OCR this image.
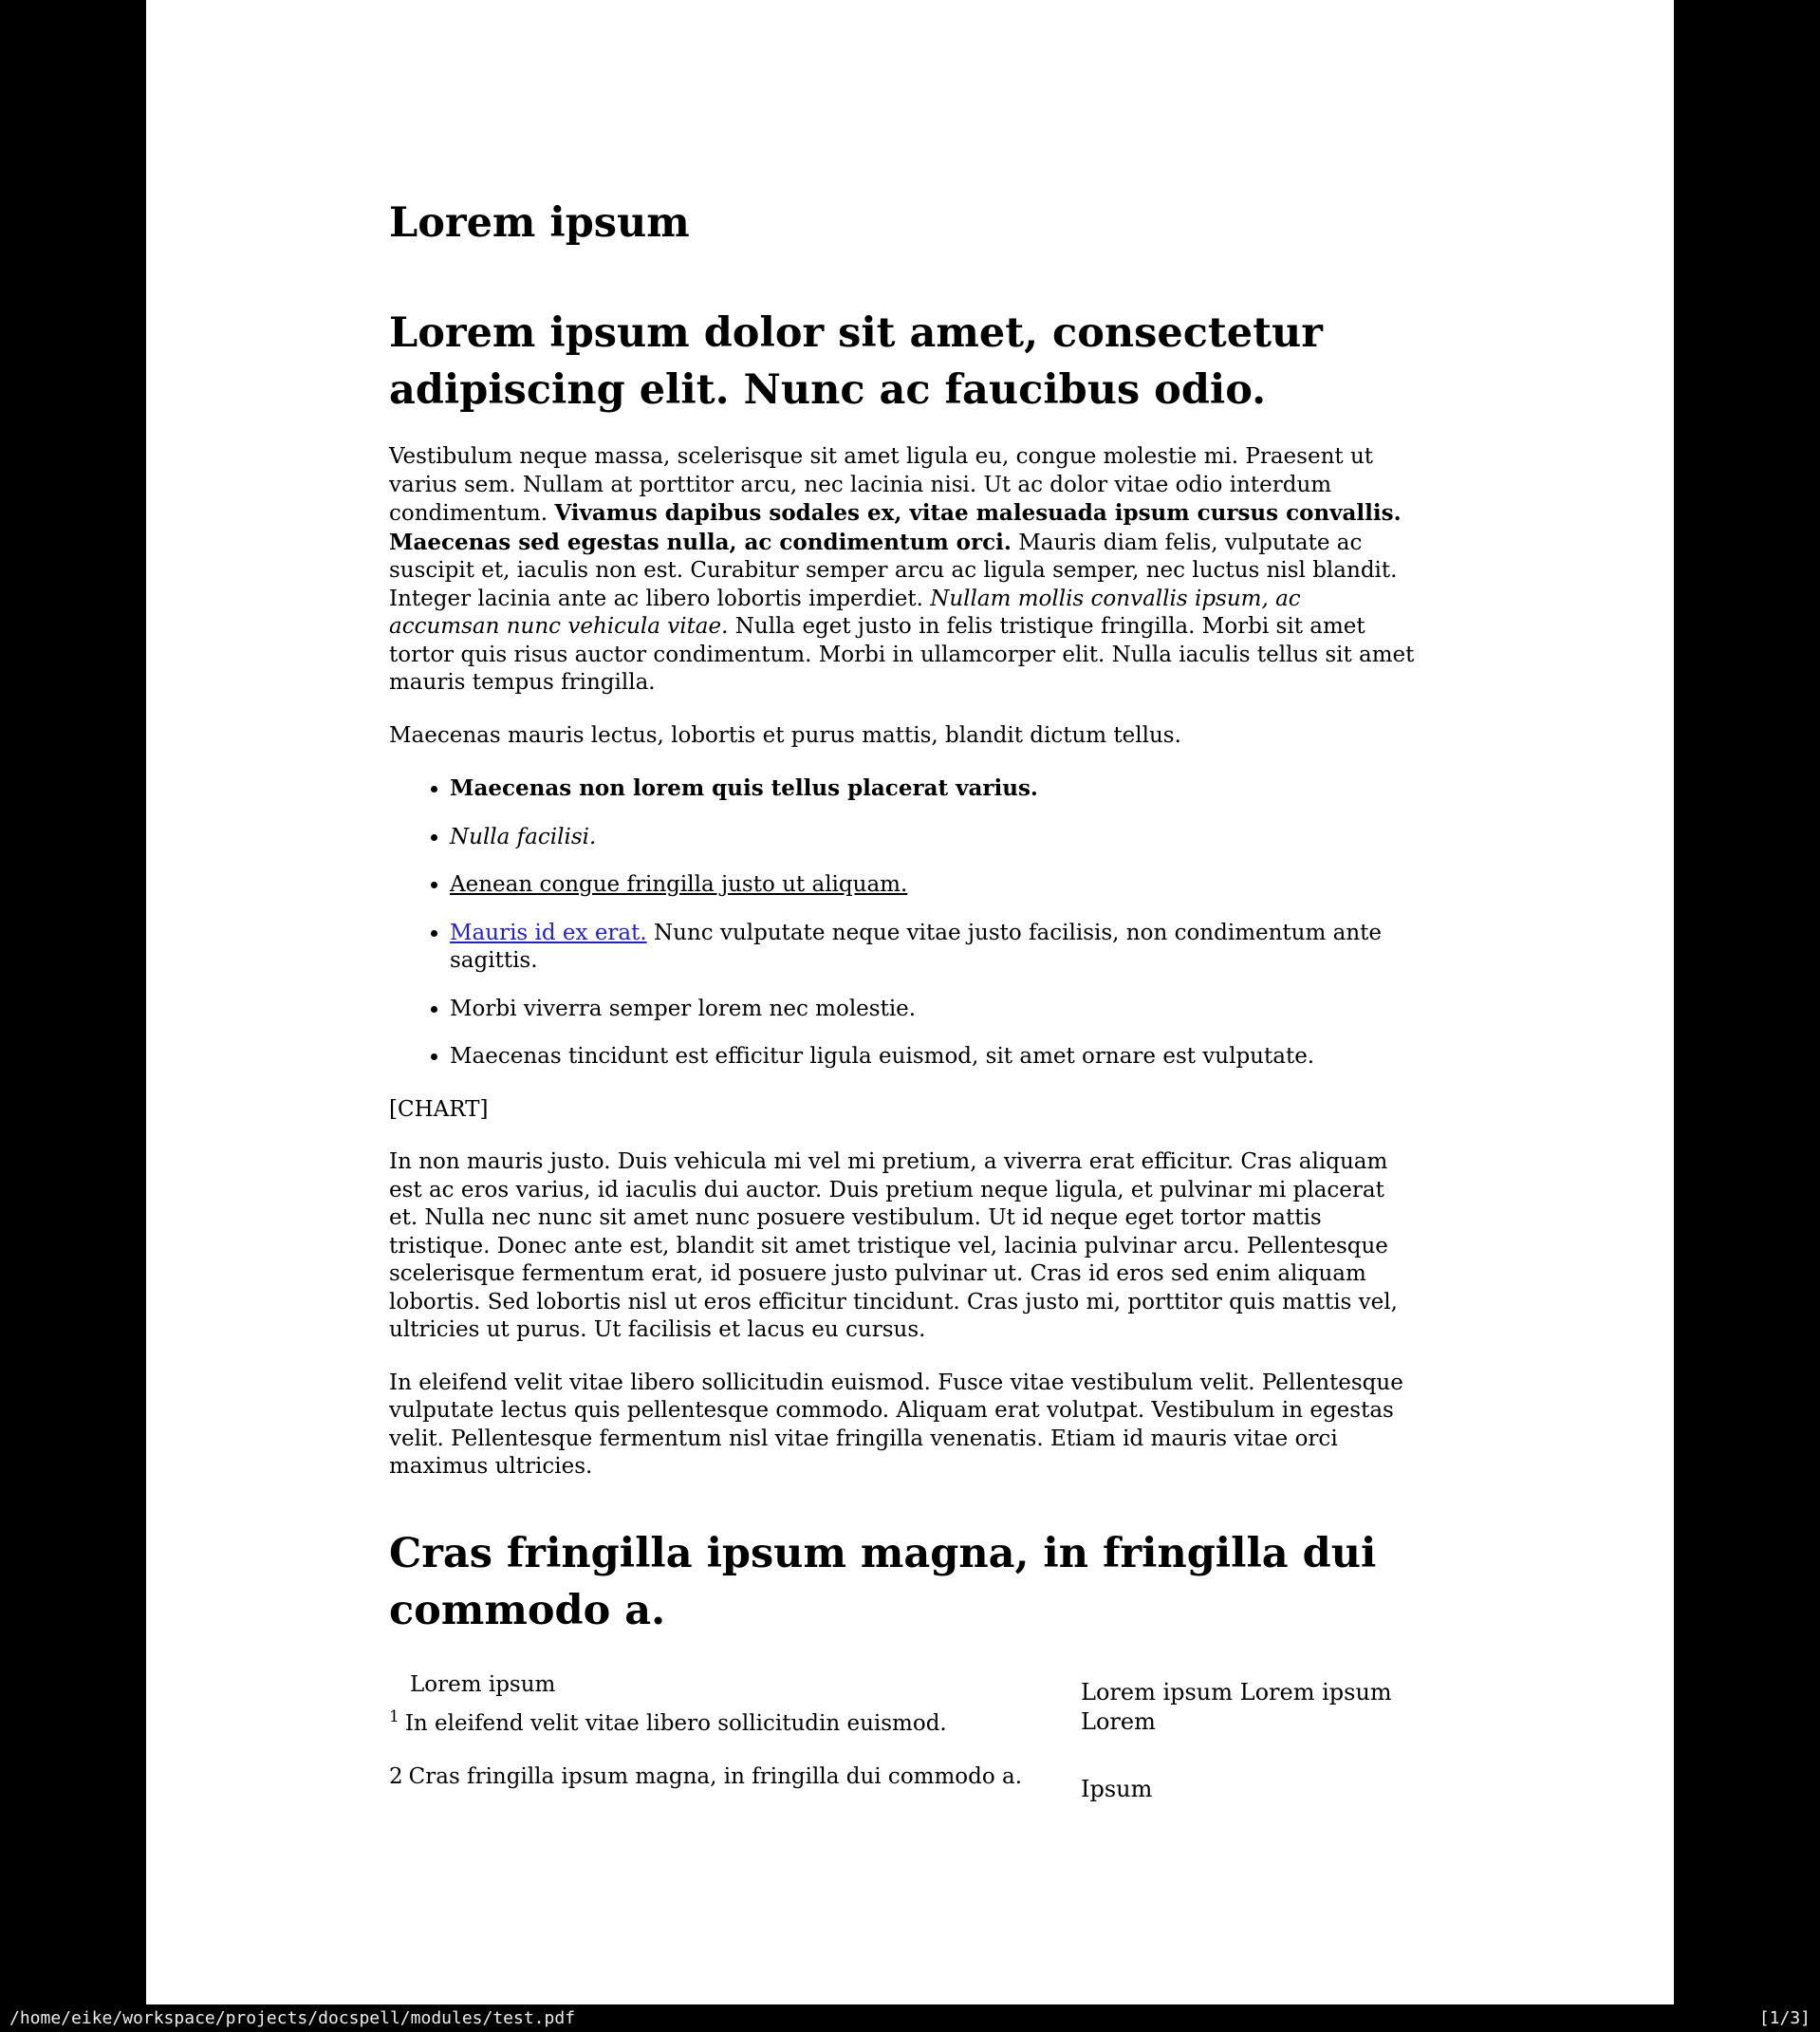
Lorem ipsum
Lorem ipsum dolor sit amet, consectetur adipiscing elit. Nunc ac faucibus odio.
Vestibulum neque massa, scelerisque sit amet ligula eu, congue molestie mi. Praesent ut varius sem. Nullam at porttitor arcu, nec lacinia nisi. Ut ac dolor vitae odio interdum condimentum. Vivamus dapibus sodales ex, vitae malesuada ipsum cursus convallis. Maecenas sed egestas nulla, ac condimentum orci. Mauris diam felis, vulputate ac suscipit et, iaculis non est. Curabitur semper arcu ac ligula semper, nec luctus nisl blandit. Integer lacinia ante ac libero lobortis imperdiet. Nullam mollis convallis ipsum, ac accumsan nunc vehicula vitae. Nulla eget justo in felis tristique fringilla. Morbi sit amet tortor quis risus auctor condimentum. Morbi in ullamcorper elit. Nulla iaculis tellus sit amet mauris tempus fringilla.
Maecenas mauris lectus, lobortis et purus mattis, blandit dictum tellus.
• Maecenas non lorem quis tellus placerat varius.
• Nulla facilisi.
• Aenean congue fringilla justo ut aliquam.
• Mauris id ex erat. Nunc vulputate neque vitae justo facilisis, non condimentum ante sagittis.
• Morbi viverra semper lorem nec molestie.
• Maecenas tincidunt est efficitur ligula euismod, sit amet ornare est vulputate.
[CHART]
In non mauris justo. Duis vehicula mi vel mi pretium, a viverra erat efficitur. Cras aliquam est ac eros varius, id iaculis dui auctor. Duis pretium neque ligula, et pulvinar mi placerat et. Nulla nec nunc sit amet nunc posuere vestibulum. Ut id neque eget tortor mattis tristique. Donec ante est, blandit sit amet tristique vel, lacinia pulvinar arcu. Pellentesque scelerisque fermentum erat, id posuere justo pulvinar ut. Cras id eros sed enim aliquam lobortis. Sed lobortis nisl ut eros efficitur tincidunt. Cras justo mi, porttitor quis mattis vel, ultricies ut purus. Ut facilisis et lacus eu cursus.
In eleifend velit vitae libero sollicitudin euismod. Fusce vitae vestibulum velit. Pellentesque vulputate lectus quis pellentesque commodo. Aliquam erat volutpat. Vestibulum in egestas velit. Pellentesque fermentum nisl vitae fringilla venenatis. Etiam id mauris vitae orci maximus ultricies.
Cras fringilla ipsum magna, in fringilla dui commodo a.
Lorem ipsum
$^1$ In eleifend velit vitae libero sollicitudin euismod.
2 Cras fringilla ipsum magna, in fringilla dui commodo a.
Lorem ipsum Lorem ipsum Lorem
Ipsum
/home/eike/workspace/projects/docspell/modules/test.pdf	[1/3]
